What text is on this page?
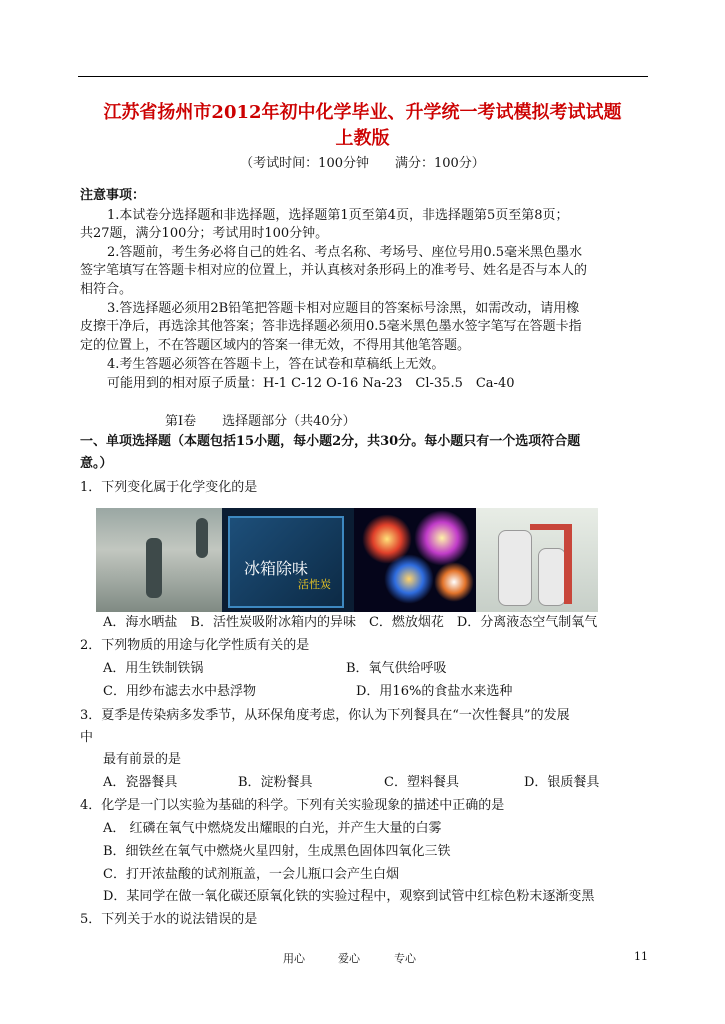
江苏省扬州市2012年初中化学毕业、升学统一考试模拟考试试题
上教版
（考试时间：100分钟　　满分：100分）
注意事项：
1.本试卷分选择题和非选择题，选择题第1页至第4页，非选择题第5页至第8页；
共27题，满分100分；考试用时100分钟。
2.答题前，考生务必将自己的姓名、考点名称、考场号、座位号用0.5毫米黑色墨水
签字笔填写在答题卡相对应的位置上，并认真核对条形码上的准考号、姓名是否与本人的
相符合。
3.答选择题必须用2B铅笔把答题卡相对应题目的答案标号涂黑，如需改动，请用橡
皮擦干净后，再选涂其他答案；答非选择题必须用0.5毫米黑色墨水签字笔写在答题卡指
定的位置上，不在答题区域内的答案一律无效，不得用其他笔答题。
4.考生答题必须答在答题卡上，答在试卷和草稿纸上无效。
可能用到的相对原子质量：H-1 C-12 O-16 Na-23　Cl-35.5　Ca-40
第Ⅰ卷　　选择题部分（共40分）
一、单项选择题（本题包括15小题，每小题2分，共30分。每小题只有一个选项符合题
意。）
1．下列变化属于化学变化的是
冰箱除味
活性炭
A．海水晒盐　B．活性炭吸附冰箱内的异味　C．燃放烟花　D．分离液态空气制氧气
2．下列物质的用途与化学性质有关的是
A．用生铁制铁锅	B．氧气供给呼吸
C．用纱布滤去水中悬浮物	D．用16%的食盐水来选种
3．夏季是传染病多发季节，从环保角度考虑，你认为下列餐具在“一次性餐具”的发展
中
最有前景的是
A．瓷器餐具	B．淀粉餐具	C．塑料餐具	D．银质餐具
4．化学是一门以实验为基础的科学。下列有关实验现象的描述中正确的是
A． 红磷在氧气中燃烧发出耀眼的白光，并产生大量的白雾
B．细铁丝在氧气中燃烧火星四射，生成黑色固体四氧化三铁
C．打开浓盐酸的试剂瓶盖，一会儿瓶口会产生白烟
D．某同学在做一氧化碳还原氧化铁的实验过程中，观察到试管中红棕色粉末逐渐变黑
5．下列关于水的说法错误的是
用心	爱心	专心	11
